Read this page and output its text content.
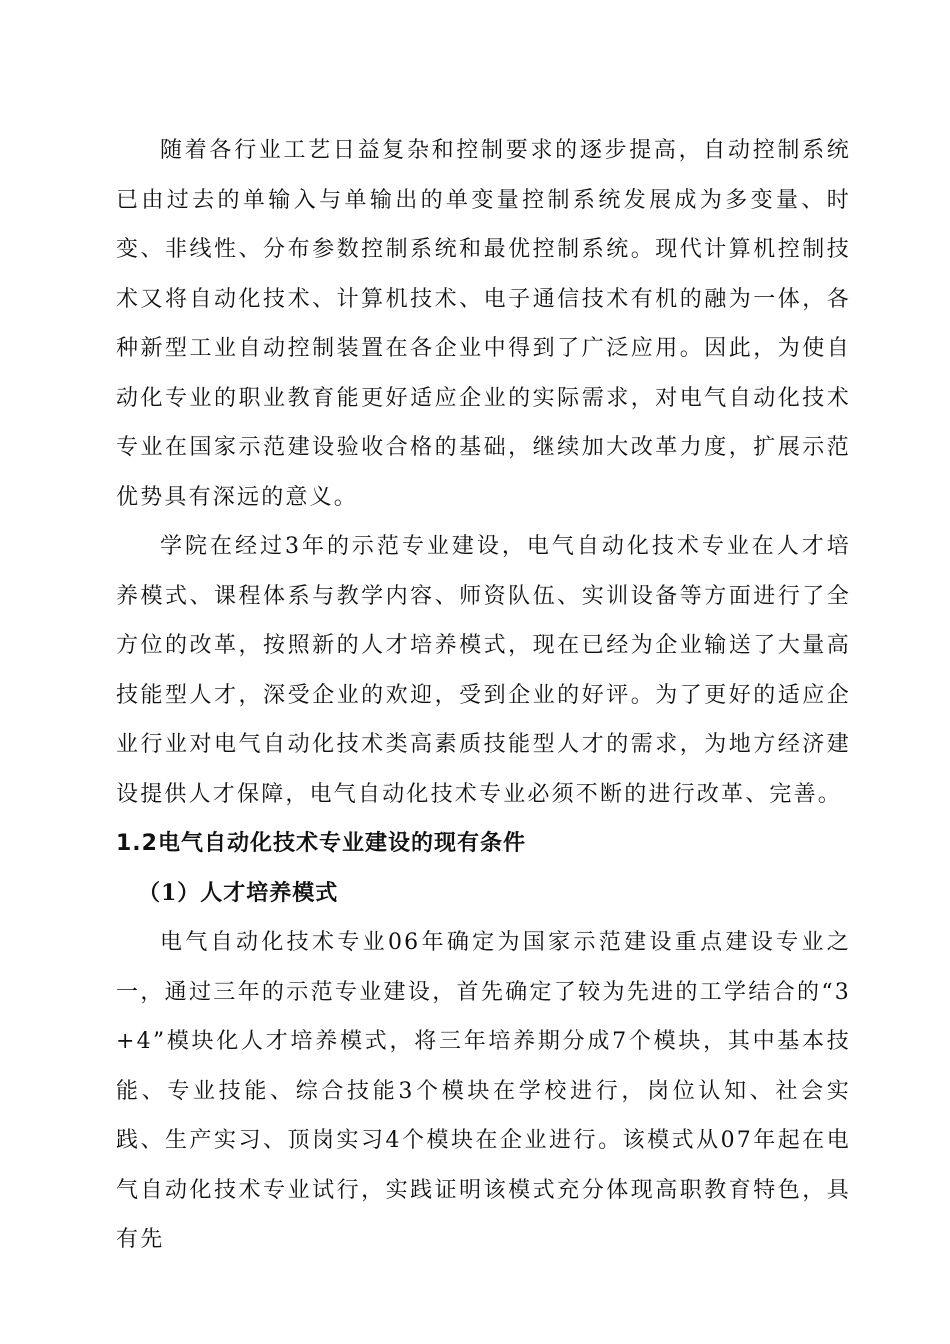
随着各行业工艺日益复杂和控制要求的逐步提高，自动控制系统已由过去的单输入与单输出的单变量控制系统发展成为多变量、时变、非线性、分布参数控制系统和最优控制系统。现代计算机控制技术又将自动化技术、计算机技术、电子通信技术有机的融为一体，各种新型工业自动控制装置在各企业中得到了广泛应用。因此，为使自动化专业的职业教育能更好适应企业的实际需求，对电气自动化技术专业在国家示范建设验收合格的基础，继续加大改革力度，扩展示范优势具有深远的意义。

学院在经过3年的示范专业建设，电气自动化技术专业在人才培养模式、课程体系与教学内容、师资队伍、实训设备等方面进行了全方位的改革，按照新的人才培养模式，现在已经为企业输送了大量高技能型人才，深受企业的欢迎，受到企业的好评。为了更好的适应企业行业对电气自动化技术类高素质技能型人才的需求，为地方经济建设提供人才保障，电气自动化技术专业必须不断的进行改革、完善。

1.2电气自动化技术专业建设的现有条件
（1）人才培养模式

电气自动化技术专业06年确定为国家示范建设重点建设专业之一，通过三年的示范专业建设，首先确定了较为先进的工学结合的“3+4”模块化人才培养模式，将三年培养期分成7个模块，其中基本技能、专业技能、综合技能3个模块在学校进行，岗位认知、社会实践、生产实习、顶岗实习4个模块在企业进行。该模式从07年起在电气自动化技术专业试行，实践证明该模式充分体现高职教育特色，具有先
